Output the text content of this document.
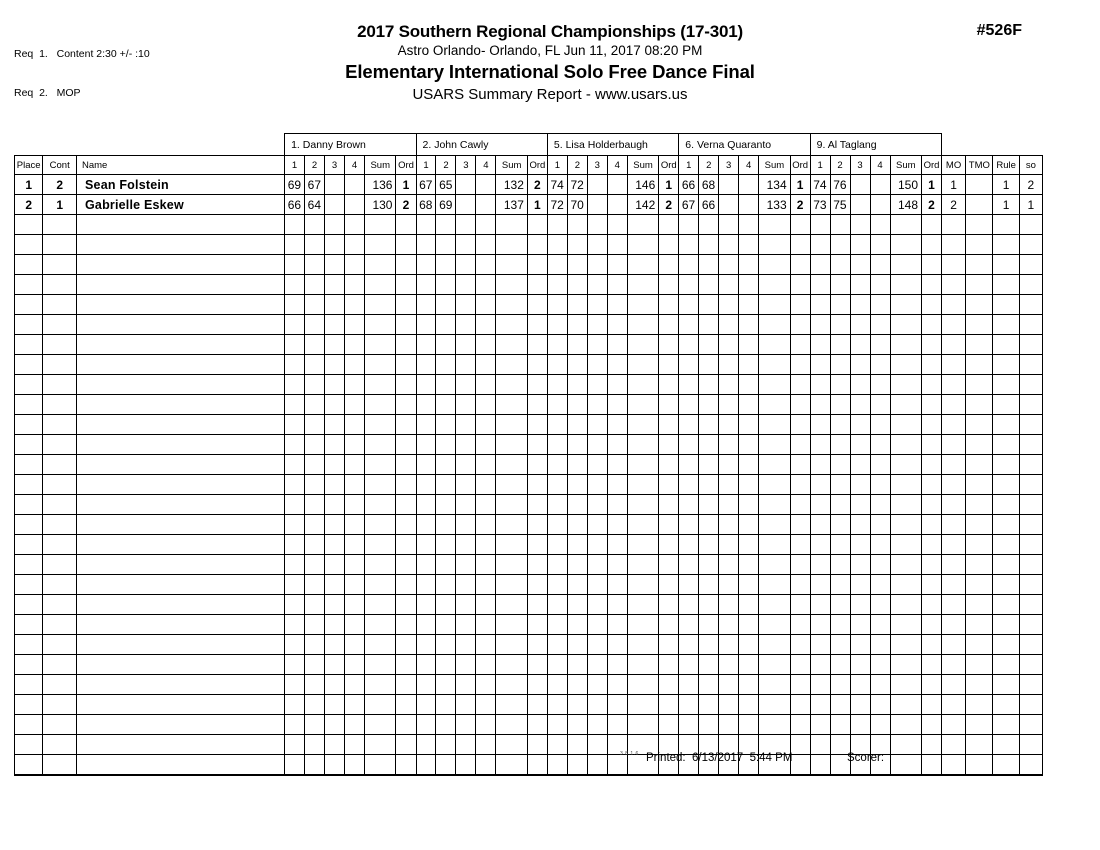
Req  1.   Content 2:30 +/- :10

Req  2.   MOP

2017 Southern Regional Championships (17-301)
Astro Orlando- Orlando, FL Jun 11, 2017 08:20 PM
Elementary International Solo Free Dance Final
USARS Summary Report - www.usars.us
#526F
			1. Danny Brown						2. John Cawly						5. Lisa Holderbaugh						6. Verna Quaranto						9. Al Taglang									
Place	Cont	Name	1	2	3	4	Sum	Ord	1	2	3	4	Sum	Ord	1	2	3	4	Sum	Ord	1	2	3	4	Sum	Ord	1	2	3	4	Sum	Ord	MO	TMO	Rule	so
1	2	Sean Folstein	69	67			136	1	67	65			132	2	74	72			146	1	66	68			134	1	74	76			150	1	1		1	2
2	1	Gabrielle Eskew	66	64			130	2	68	69			137	1	72	70			142	2	67	66			133	2	73	75			148	2	2		1	1

3.8.1.6 Printed:  6/13/2017  5:44 PM	Scorer:
